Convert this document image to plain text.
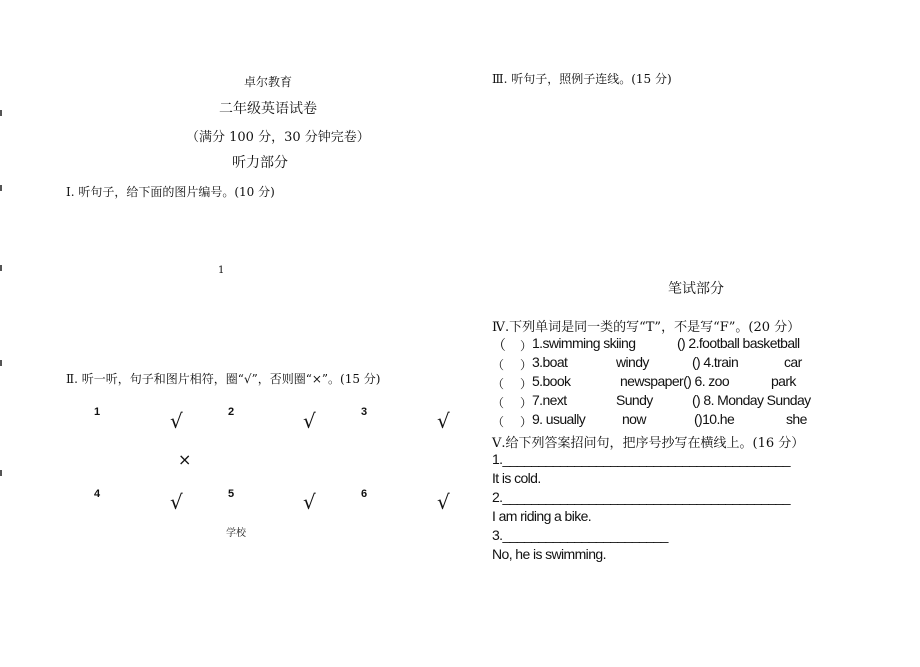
卓尔教育
二年级英语试卷
（满分 100 分，30 分钟完卷）
听力部分
Ⅰ. 听句子，给下面的图片编号。(10 分)
1
Ⅱ. 听一听，句子和图片相符，圈“√”，否则圈“×”。(15 分)
1	√	2	√	3	√
×
4	√	5	√	6	√
学校
Ⅲ. 听句子，照例子连线。(15 分)
笔试部分
Ⅳ.下列单词是同一类的写“T”，不是写“F”。(20 分）
（	） 1.swimming skiing	() 2.football basketball
（ ） 3.boat	windy	() 4.train	car
（ ） 5.book	newspaper() 6. zoo	park
（ ） 7.next	Sundy	() 8. Monday Sunday
（ ） 9. usually	now	()10.he	she
Ⅴ.给下列答案招问句，把序号抄写在横线上。(16 分）
1.________________________________________
It is cold.
2.________________________________________
I am riding a bike.
3._______________________
No, he is swimming.
